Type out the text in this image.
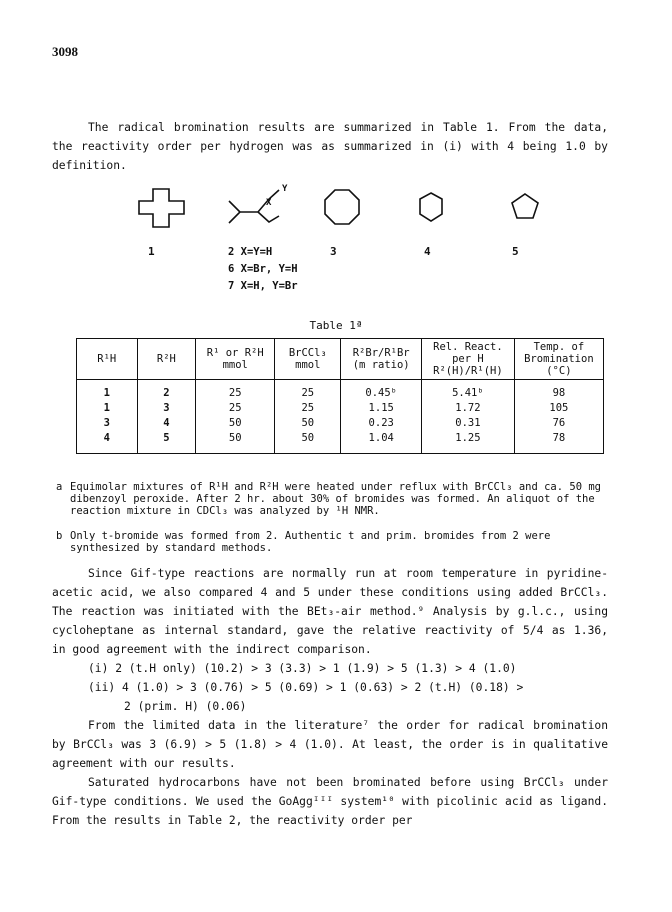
3098

The radical bromination results are summarized in Table 1. From the data, the reactivity order per hydrogen was as summarized in (i) with 4 being 1.0 by definition.

Y
X
1	2 X=Y=H
6 X=Br, Y=H
7 X=H, Y=Br
3	4	5
Table 1ª
R¹H	R²H	R¹ or R²H mmol	BrCCl₃ mmol	R²Br/R¹Br (m ratio)	Rel. React. per H R²(H)/R¹(H)	Temp. of Bromination (°C)
1	2	25	25	0.45ᵇ	5.41ᵇ	98
1	3	25	25	1.15	1.72	105
3	4	50	50	0.23	0.31	76
4	5	50	50	1.04	1.25	78
a Equimolar mixtures of R¹H and R²H were heated under reflux with BrCCl₃ and ca. 50 mg dibenzoyl peroxide. After 2 hr. about 30% of bromides was formed. An aliquot of the reaction mixture in CDCl₃ was analyzed by ¹H NMR.
b Only t-bromide was formed from 2. Authentic t and prim. bromides from 2 were synthesized by standard methods.

Since Gif-type reactions are normally run at room temperature in pyridine-acetic acid, we also compared 4 and 5 under these conditions using added BrCCl₃. The reaction was initiated with the BEt₃-air method.⁹ Analysis by g.l.c., using cycloheptane as internal standard, gave the relative reactivity of 5/4 as 1.36, in good agreement with the indirect comparison.

(i) 2 (t.H only) (10.2) > 3 (3.3) > 1 (1.9) > 5 (1.3) > 4 (1.0)
(ii) 4 (1.0) > 3 (0.76) > 5 (0.69) > 1 (0.63) > 2 (t.H) (0.18) >
2 (prim. H) (0.06)

From the limited data in the literature⁷ the order for radical bromination by BrCCl₃ was 3 (6.9) > 5 (1.8) > 4 (1.0). At least, the order is in qualitative agreement with our results.

Saturated hydrocarbons have not been brominated before using BrCCl₃ under Gif-type conditions. We used the GoAggᴵᴵᴵ system¹⁰ with picolinic acid as ligand. From the results in Table 2, the reactivity order per
